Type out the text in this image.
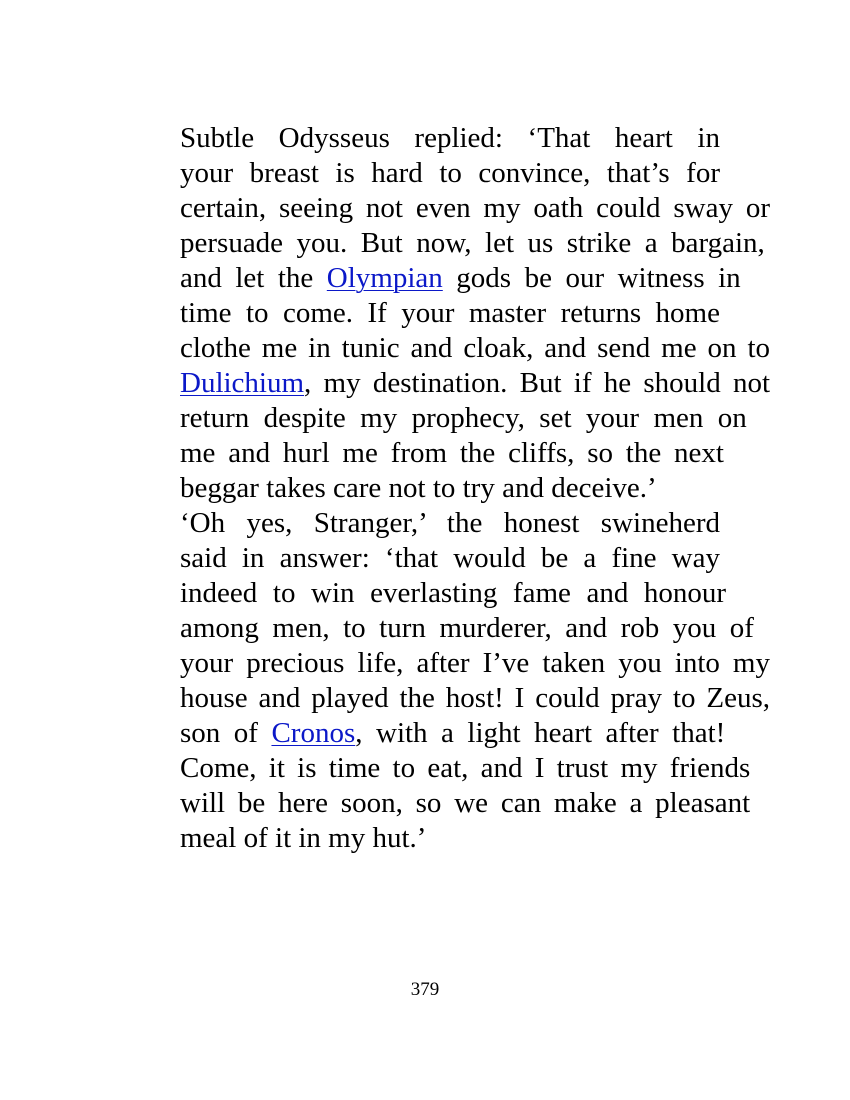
Subtle Odysseus replied: ‘That heart in
your breast is hard to convince, that’s for
certain, seeing not even my oath could sway or
persuade you. But now, let us strike a bargain,
and let the Olympian gods be our witness in
time to come. If your master returns home
clothe me in tunic and cloak, and send me on to
Dulichium, my destination. But if he should not
return despite my prophecy, set your men on
me and hurl me from the cliffs, so the next
beggar takes care not to try and deceive.’

‘Oh yes, Stranger,’ the honest swineherd
said in answer: ‘that would be a fine way
indeed to win everlasting fame and honour
among men, to turn murderer, and rob you of
your precious life, after I’ve taken you into my
house and played the host! I could pray to Zeus,
son of Cronos, with a light heart after that!
Come, it is time to eat, and I trust my friends
will be here soon, so we can make a pleasant
meal of it in my hut.’

379
